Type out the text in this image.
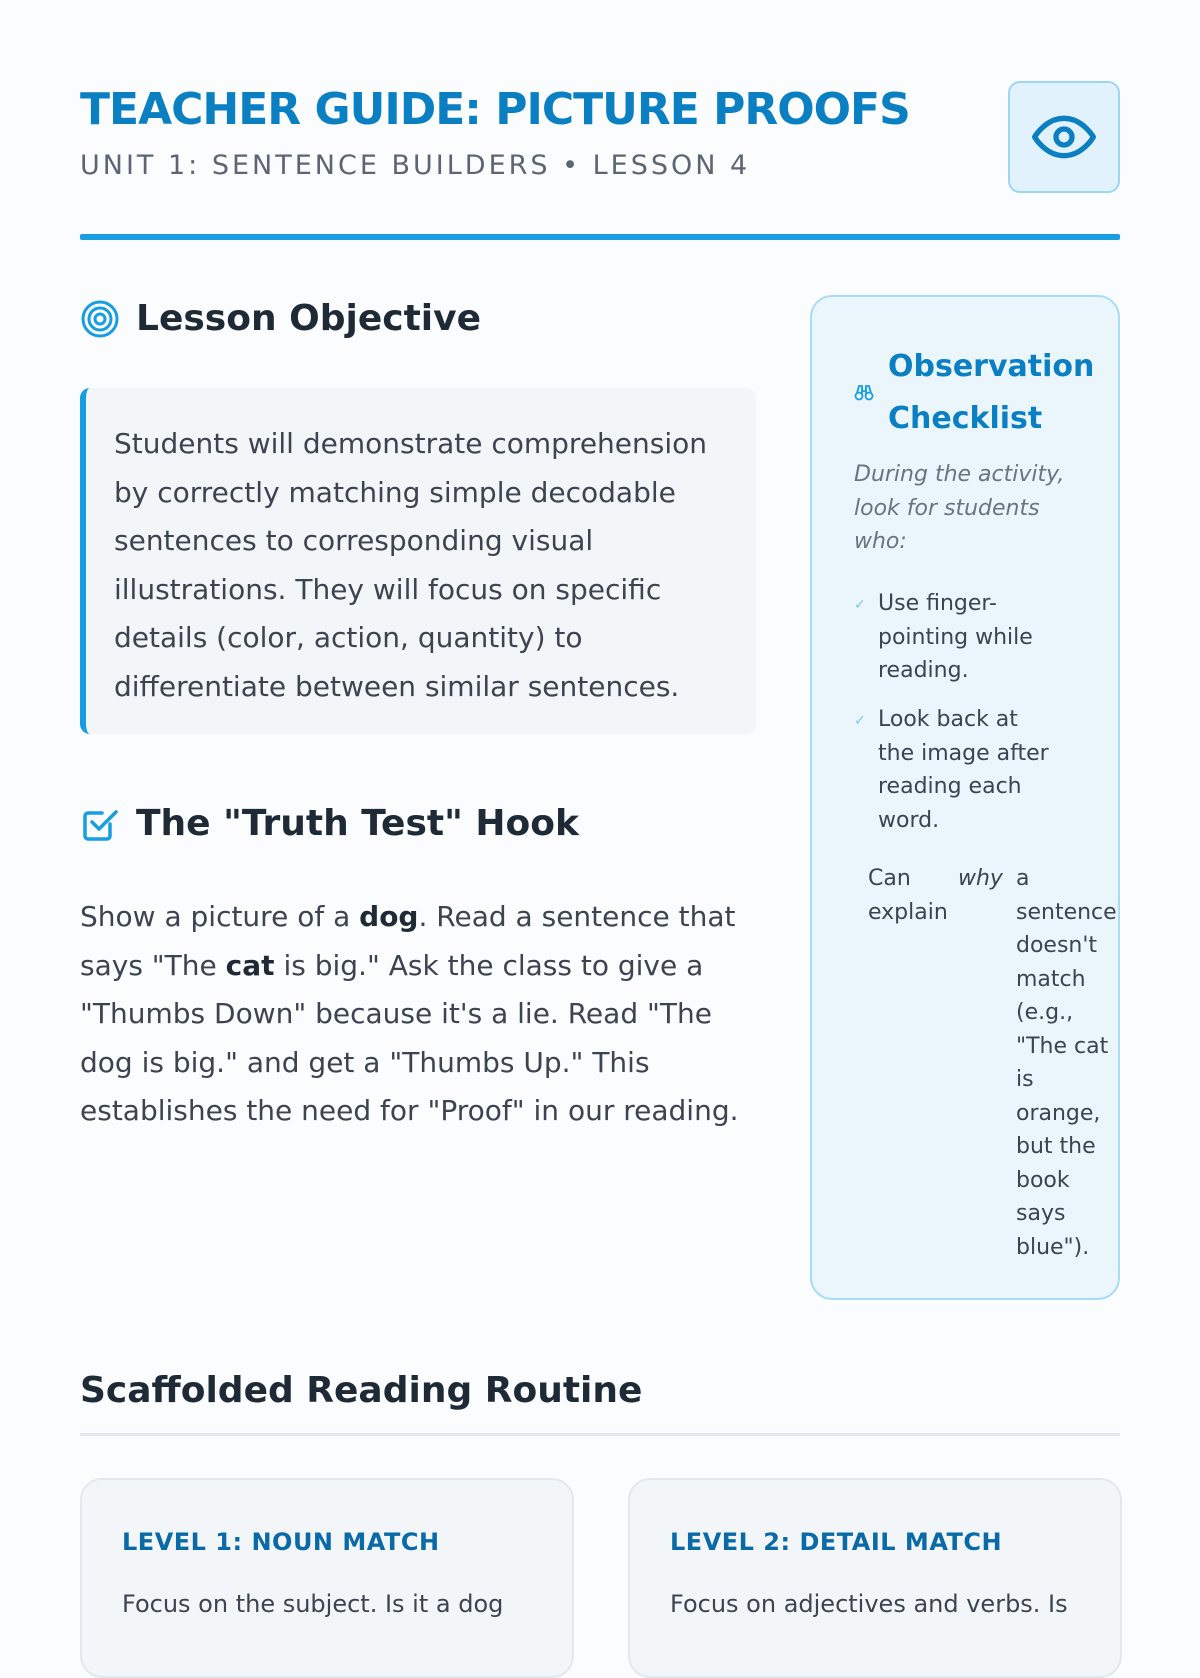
TEACHER GUIDE: PICTURE PROOFS
UNIT 1: SENTENCE BUILDERS • LESSON 4
Lesson Objective

Students will demonstrate comprehension by correctly matching simple decodable sentences to corresponding visual illustrations. They will focus on specific details (color, action, quantity) to differentiate between similar sentences.

The "Truth Test" Hook

Show a picture of a dog. Read a sentence that says "The cat is big." Ask the class to give a "Thumbs Down" because it's a lie. Read "The dog is big." and get a "Thumbs Up." This establishes the need for "Proof" in our reading.

Observation Checklist
During the activity, look for students who:
✓ Use finger-pointing while reading.
✓ Look back at the image after reading each word.
Can explain
why a sentence doesn't match (e.g., "The cat is orange, but the book says blue").
Scaffolded Reading Routine
LEVEL 1: NOUN MATCH
Focus on the subject. Is it a dog
LEVEL 2: DETAIL MATCH
Focus on adjectives and verbs. Is
